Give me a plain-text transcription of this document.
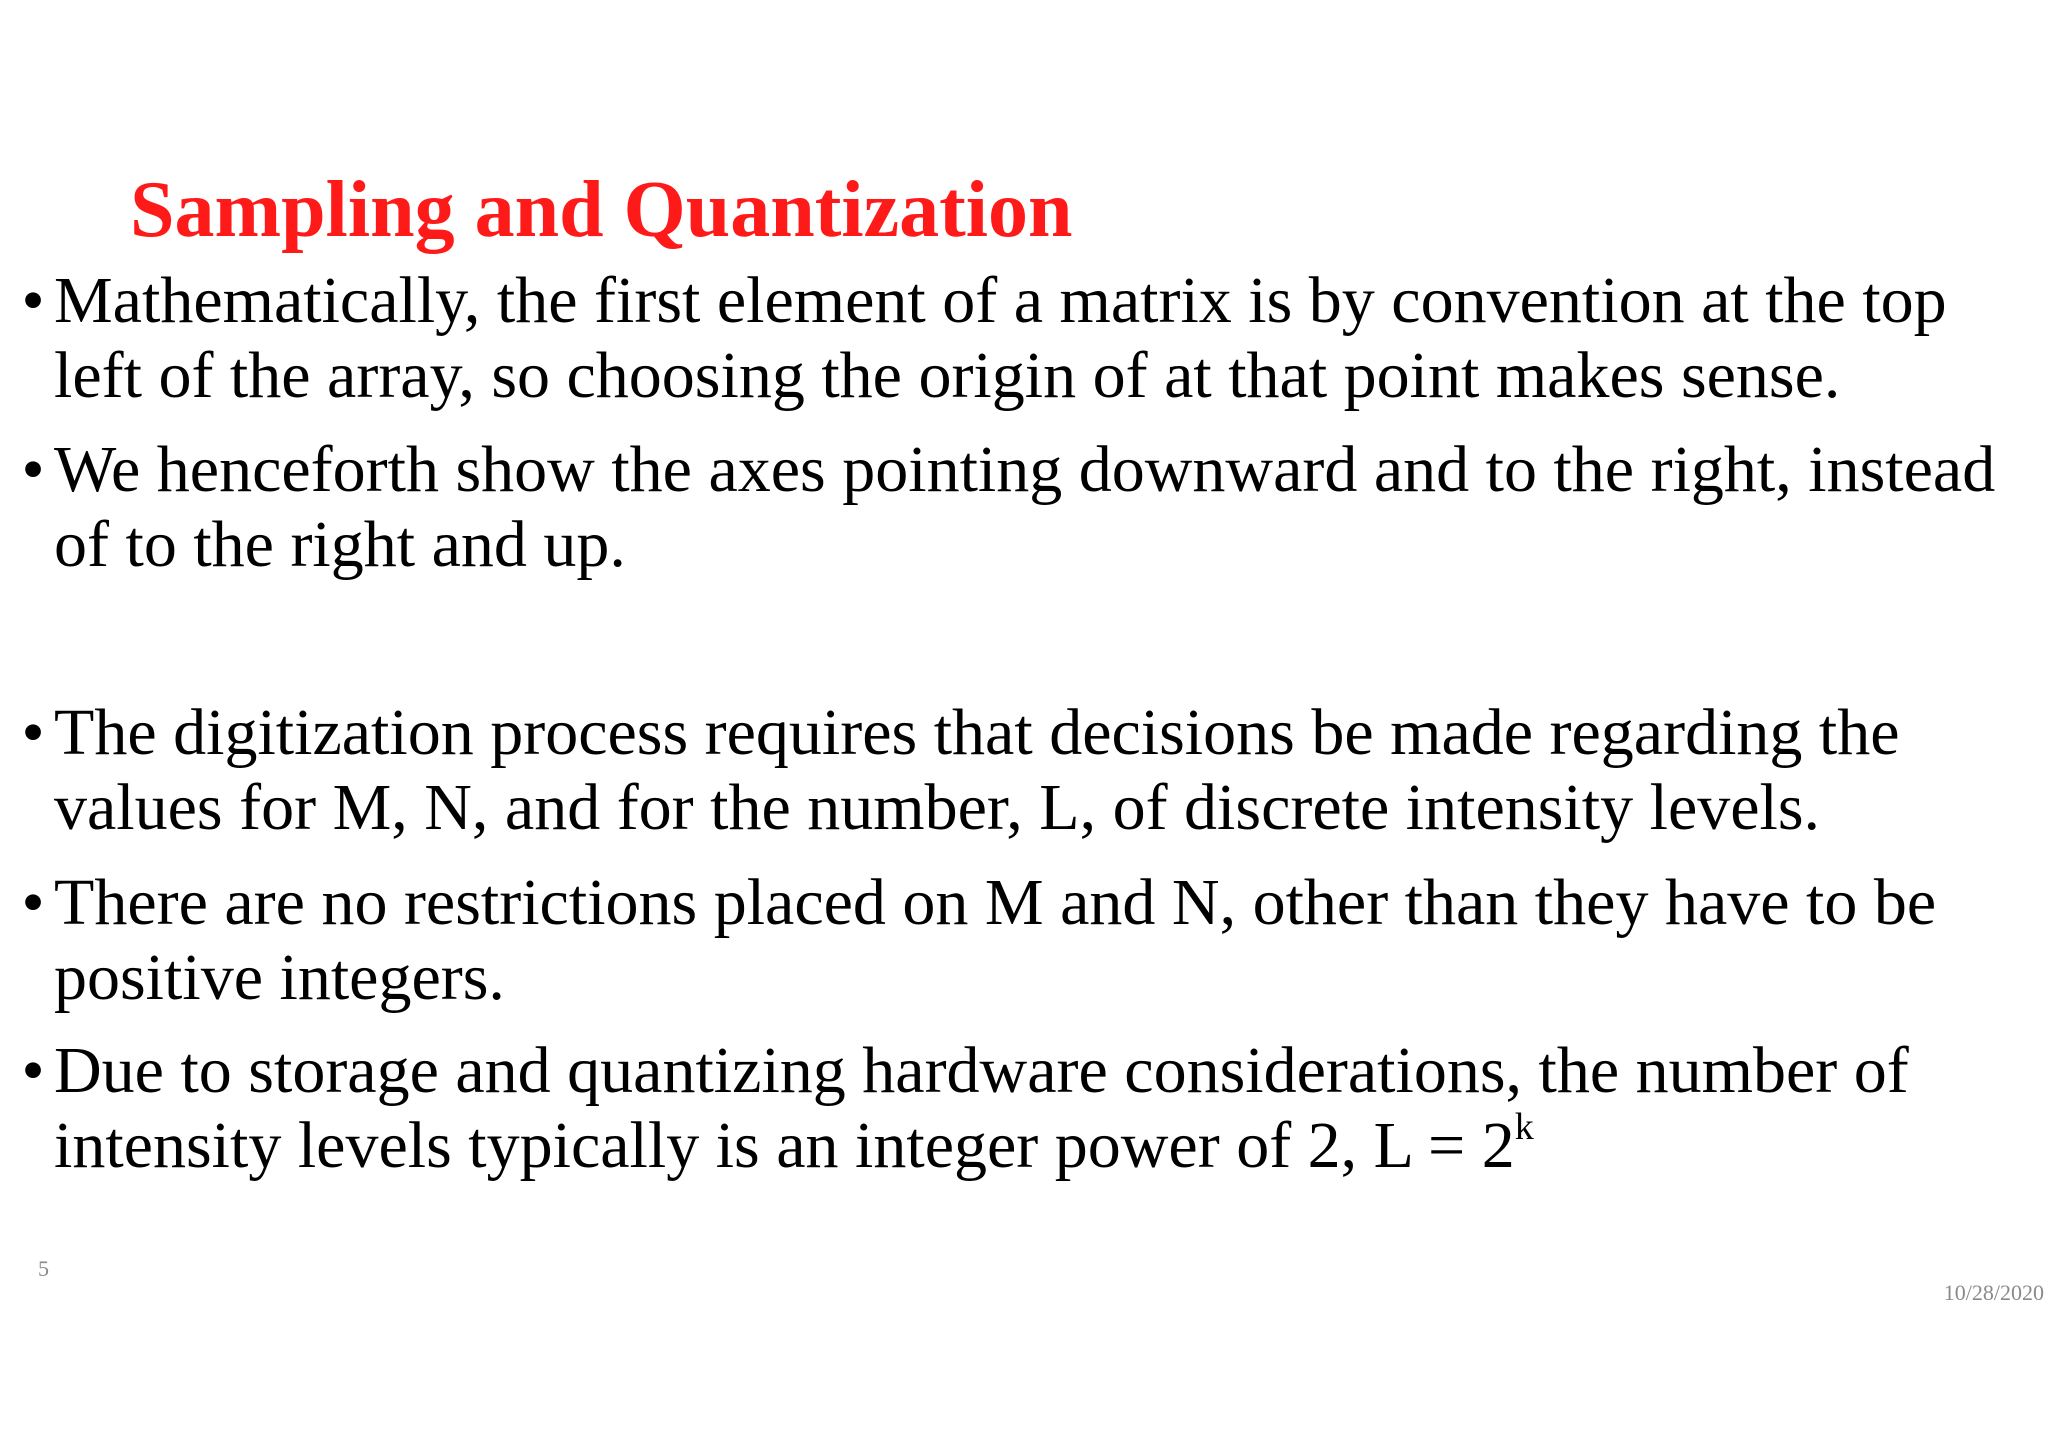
Sampling and Quantization
• Mathematically, the first element of a matrix is by convention at the top left of the array, so choosing the origin of at that point makes sense.
• We henceforth show the axes pointing downward and to the right, instead of to the right and up.
• The digitization process requires that decisions be made regarding the values for M, N, and for the number, L, of discrete intensity levels.
• There are no restrictions placed on M and N, other than they have to be positive integers.
• Due to storage and quantizing hardware considerations, the number of intensity levels typically is an integer power of 2, $L = 2^k$
5
10/28/2020
